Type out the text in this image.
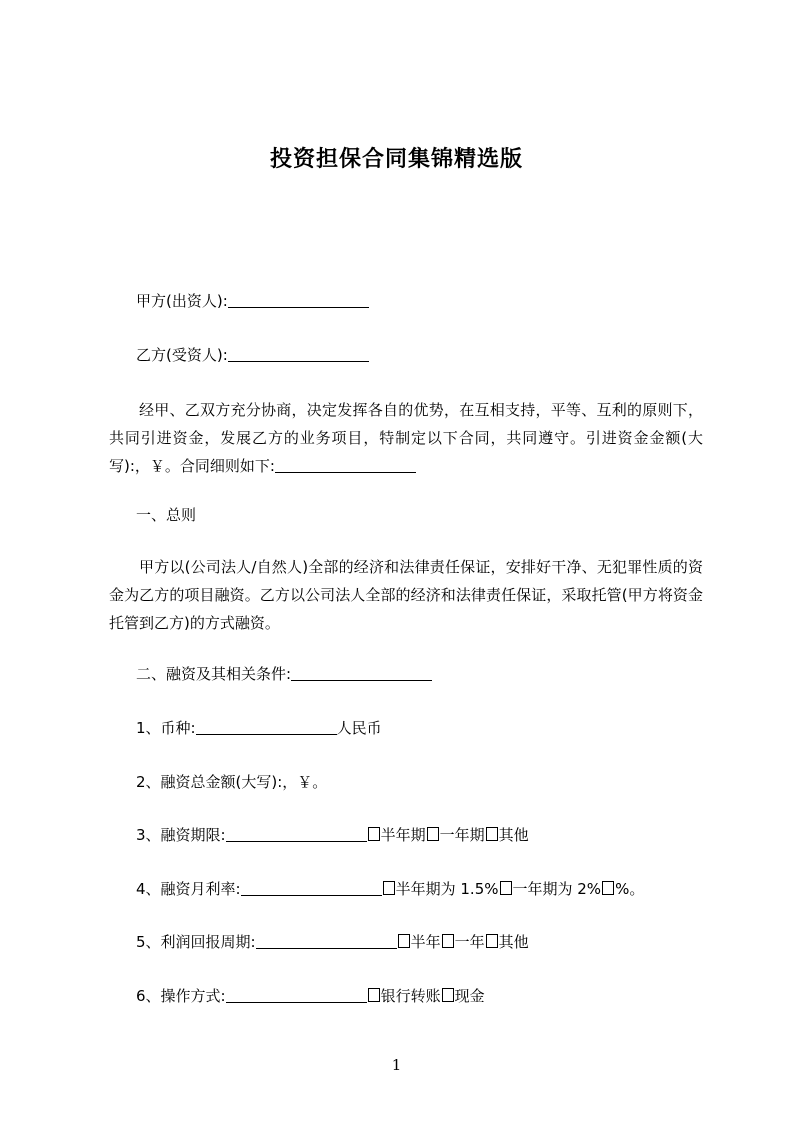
投资担保合同集锦精选版
甲方(出资人):
乙方(受资人):
经甲、乙双方充分协商，决定发挥各自的优势，在互相支持，平等、互利的原则下，共同引进资金，发展乙方的业务项目，特制定以下合同，共同遵守。引进资金金额(大写):，￥。合同细则如下:
一、总则
甲方以(公司法人/自然人)全部的经济和法律责任保证，安排好干净、无犯罪性质的资金为乙方的项目融资。乙方以公司法人全部的经济和法律责任保证，采取托管(甲方将资金托管到乙方)的方式融资。
二、融资及其相关条件:
1、币种:	人民币
2、融资总金额(大写):，￥。
3、融资期限:	半年期 一年期 其他
4、融资月利率:	半年期为 1.5% 一年期为 2% %。
5、利润回报周期:	半年 一年 其他
6、操作方式:	银行转账 现金
1
